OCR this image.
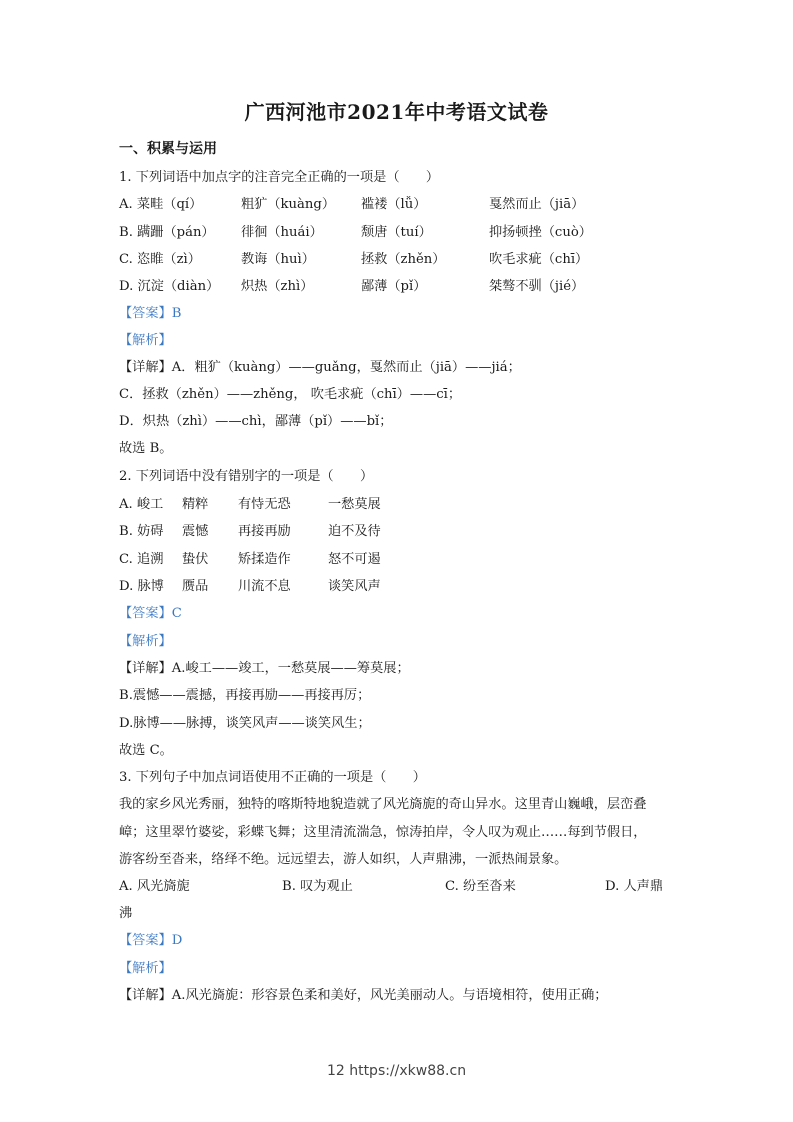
广西河池市2021年中考语文试卷
一、积累与运用
1. 下列词语中加点字的注音完全正确的一项是（　　）
A. 菜畦（qí）	粗犷（kuàng）	褴褛（lǚ）	戛然而止（jiā）
B. 蹒跚（pán）	徘徊（huái）	颓唐（tuí）	抑扬顿挫（cuò）
C. 恣睢（zì）	教诲（huì）	拯救（zhěn）	吹毛求疵（chī）
D. 沉淀（diàn）	炽热（zhì）	鄙薄（pǐ）	桀骜不驯（jié）
【答案】B
【解析】
【详解】A．粗犷（kuàng）——guǎng，戛然而止（jiā）——jiá；
C．拯救（zhěn）——zhěng， 吹毛求疵（chī）——cī；
D．炽热（zhì）——chì，鄙薄（pǐ）——bǐ；
故选 B。
2. 下列词语中没有错别字的一项是（　　）
A. 峻工	精粹	有恃无恐	一愁莫展
B. 妨碍	震憾	再接再励	迫不及待
C. 追溯	蛰伏	矫揉造作	怒不可遏
D. 脉博	赝品	川流不息	谈笑风声
【答案】C
【解析】
【详解】A.峻工——竣工，一愁莫展——筹莫展；
B.震憾——震撼，再接再励——再接再厉；
D.脉博——脉搏，谈笑风声——谈笑风生；
故选 C。
3. 下列句子中加点词语使用不正确的一项是（　　）
我的家乡风光秀丽，独特的喀斯特地貌造就了风光旖旎的奇山异水。这里青山巍峨，层峦叠
嶂；这里翠竹婆娑，彩蝶飞舞；这里清流湍急，惊涛拍岸，令人叹为观止……每到节假日，
游客纷至沓来，络绎不绝。远远望去，游人如织，人声鼎沸，一派热闹景象。
A. 风光旖旎	B. 叹为观止	C. 纷至沓来	D. 人声鼎
沸
【答案】D
【解析】
【详解】A.风光旖旎：形容景色柔和美好，风光美丽动人。与语境相符，使用正确；
12 https://xkw88.cn
